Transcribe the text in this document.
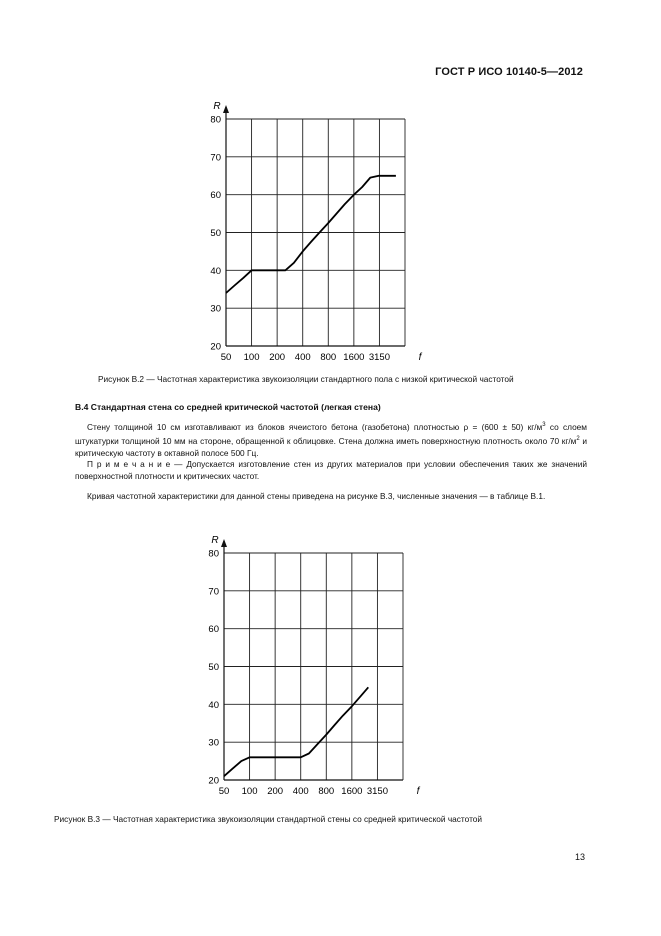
ГОСТ Р ИСО 10140-5—2012
20
30
40
50
60
70
80
50 100 200 400 800 1600 3150
R
f
Рисунок В.2 — Частотная характеристика звукоизоляции стандартного пола с низкой критической частотой
В.4 Стандартная стена со средней критической частотой (легкая стена)

Стену толщиной 10 см изготавливают из блоков ячеистого бетона (газобетона) плотностью ρ = (600 ± 50) $кг/м^3$ со слоем штукатурки толщиной 10 мм на стороне, обращенной к облицовке. Стена должна иметь поверхностную плотность около 70 $кг/м^2$ и критическую частоту в октавной полосе 500 Гц.

П р и м е ч а н и е — Допускается изготовление стен из других материалов при условии обеспечения таких же значений поверхностной плотности и критических частот.

Кривая частотной характеристики для данной стены приведена на рисунке В.3, численные значения — в таблице В.1.

20
30
40
50
60
70
80
50 100 200 400 800 1600 3150
R
f
Рисунок В.3 — Частотная характеристика звукоизоляции стандартной стены со средней критической частотой
13
